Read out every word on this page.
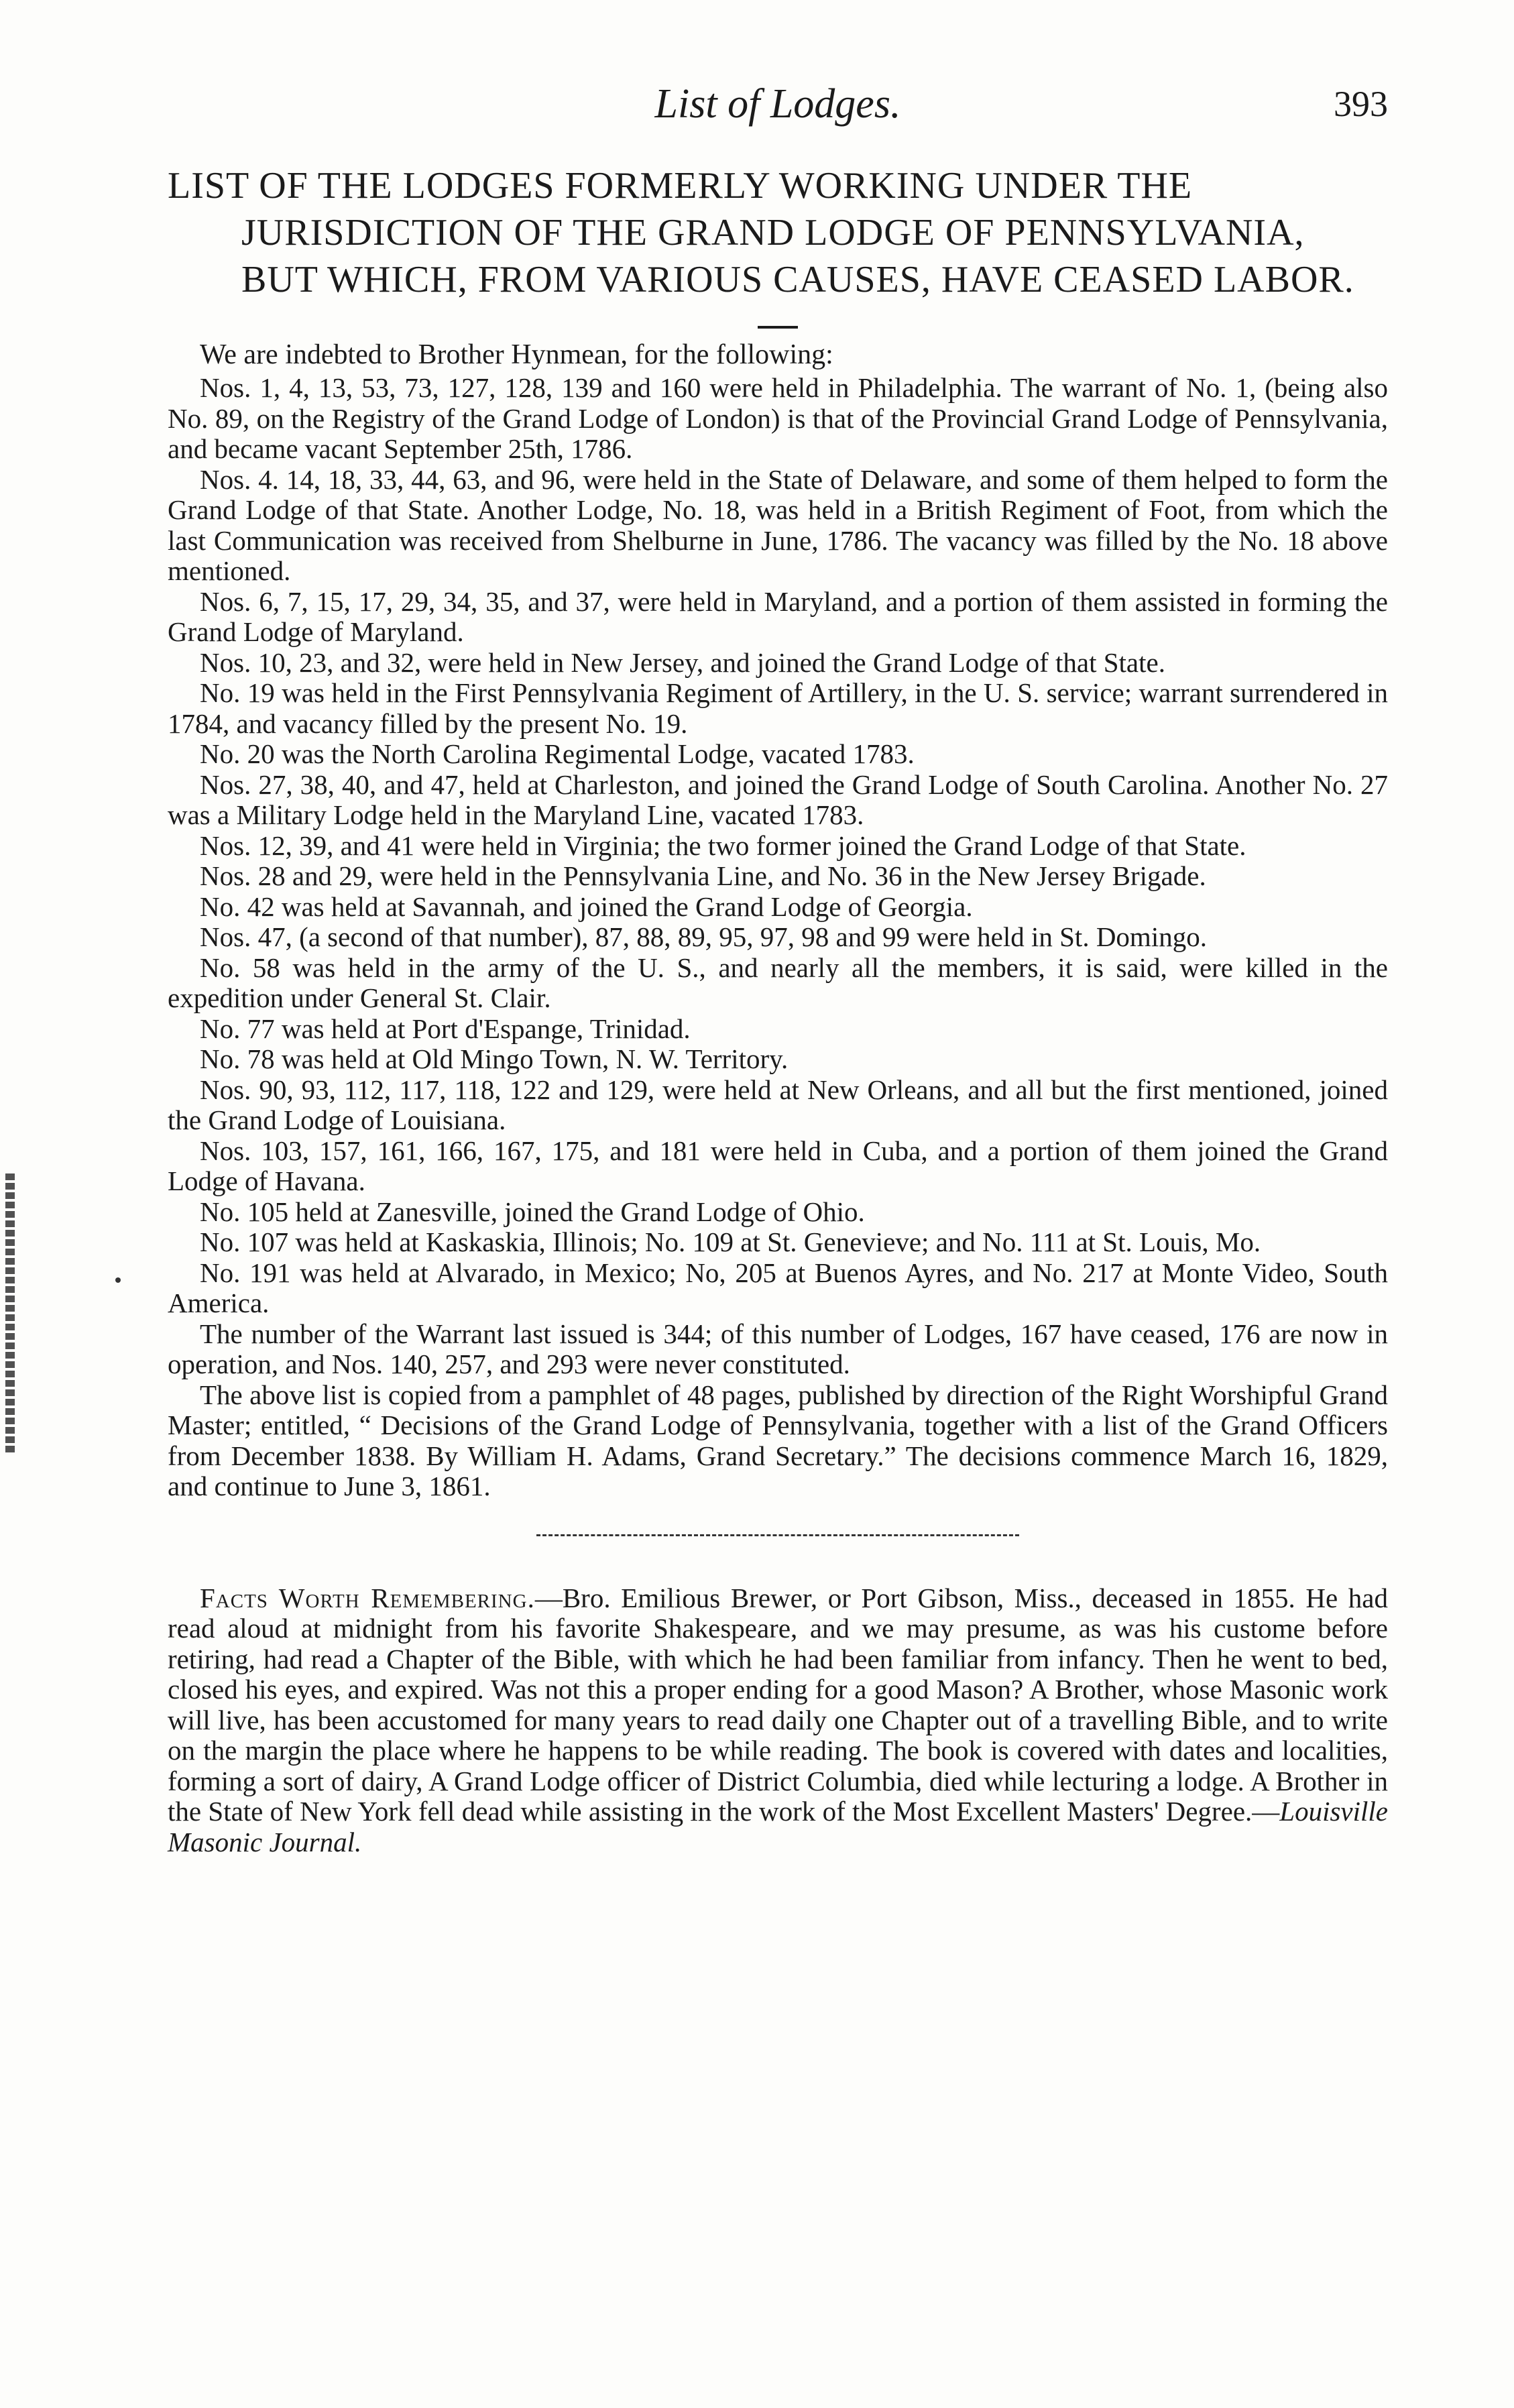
List of Lodges.	393
LIST OF THE LODGES FORMERLY WORKING UNDER THE JURISDICTION OF THE GRAND LODGE OF PENNSYLVANIA, BUT WHICH, FROM VARIOUS CAUSES, HAVE CEASED LABOR.

We are indebted to Brother Hynmean, for the following:

Nos. 1, 4, 13, 53, 73, 127, 128, 139 and 160 were held in Philadelphia. The warrant of No. 1, (being also No. 89, on the Registry of the Grand Lodge of London) is that of the Provincial Grand Lodge of Pennsylvania, and became vacant September 25th, 1786.

Nos. 4. 14, 18, 33, 44, 63, and 96, were held in the State of Delaware, and some of them helped to form the Grand Lodge of that State. Another Lodge, No. 18, was held in a British Regiment of Foot, from which the last Communication was received from Shelburne in June, 1786. The vacancy was filled by the No. 18 above mentioned.

Nos. 6, 7, 15, 17, 29, 34, 35, and 37, were held in Maryland, and a portion of them assisted in forming the Grand Lodge of Maryland.

Nos. 10, 23, and 32, were held in New Jersey, and joined the Grand Lodge of that State.

No. 19 was held in the First Pennsylvania Regiment of Artillery, in the U. S. service; warrant surrendered in 1784, and vacancy filled by the present No. 19.

No. 20 was the North Carolina Regimental Lodge, vacated 1783.

Nos. 27, 38, 40, and 47, held at Charleston, and joined the Grand Lodge of South Carolina. Another No. 27 was a Military Lodge held in the Maryland Line, vacated 1783.

Nos. 12, 39, and 41 were held in Virginia; the two former joined the Grand Lodge of that State.

Nos. 28 and 29, were held in the Pennsylvania Line, and No. 36 in the New Jersey Brigade.

No. 42 was held at Savannah, and joined the Grand Lodge of Georgia.

Nos. 47, (a second of that number), 87, 88, 89, 95, 97, 98 and 99 were held in St. Domingo.

No. 58 was held in the army of the U. S., and nearly all the members, it is said, were killed in the expedition under General St. Clair.

No. 77 was held at Port d'Espange, Trinidad.

No. 78 was held at Old Mingo Town, N. W. Territory.

Nos. 90, 93, 112, 117, 118, 122 and 129, were held at New Orleans, and all but the first mentioned, joined the Grand Lodge of Louisiana.

Nos. 103, 157, 161, 166, 167, 175, and 181 were held in Cuba, and a portion of them joined the Grand Lodge of Havana.

No. 105 held at Zanesville, joined the Grand Lodge of Ohio.

No. 107 was held at Kaskaskia, Illinois; No. 109 at St. Genevieve; and No. 111 at St. Louis, Mo.

No. 191 was held at Alvarado, in Mexico; No, 205 at Buenos Ayres, and No. 217 at Monte Video, South America.

The number of the Warrant last issued is 344; of this number of Lodges, 167 have ceased, 176 are now in operation, and Nos. 140, 257, and 293 were never constituted.

The above list is copied from a pamphlet of 48 pages, published by direction of the Right Worshipful Grand Master; entitled, “ Decisions of the Grand Lodge of Pennsylvania, together with a list of the Grand Officers from December 1838. By William H. Adams, Grand Secretary.” The decisions commence March 16, 1829, and continue to June 3, 1861.

Facts Worth Remembering.—Bro. Emilious Brewer, or Port Gibson, Miss., deceased in 1855. He had read aloud at midnight from his favorite Shakespeare, and we may presume, as was his custome before retiring, had read a Chapter of the Bible, with which he had been familiar from infancy. Then he went to bed, closed his eyes, and expired. Was not this a proper ending for a good Mason? A Brother, whose Masonic work will live, has been accustomed for many years to read daily one Chapter out of a travelling Bible, and to write on the margin the place where he happens to be while reading. The book is covered with dates and localities, forming a sort of dairy, A Grand Lodge officer of District Columbia, died while lecturing a lodge. A Brother in the State of New York fell dead while assisting in the work of the Most Excellent Masters' Degree.—Louisville Masonic Journal.
